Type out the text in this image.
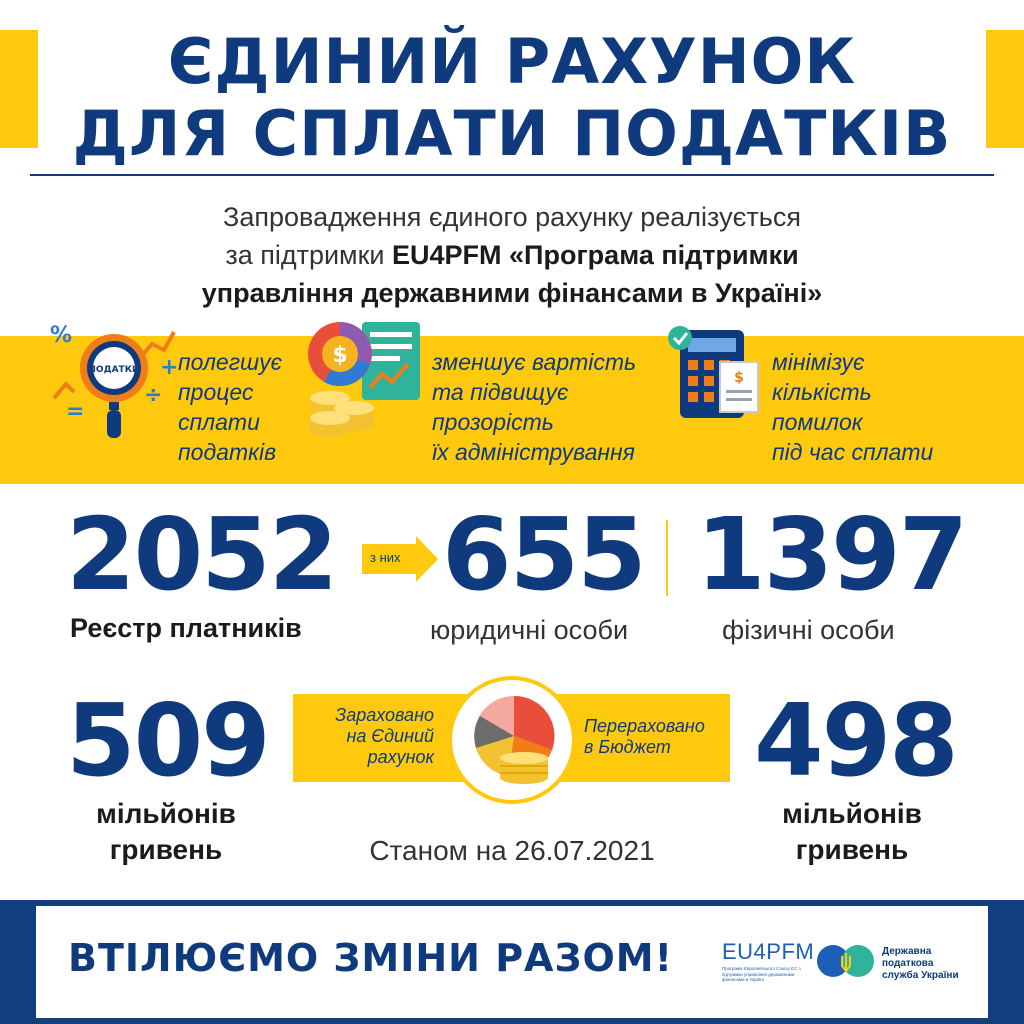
ЄДИНИЙ РАХУНОК
ДЛЯ СПЛАТИ ПОДАТКІВ
Запровадження єдиного рахунку реалізується
за підтримки EU4PFM «Програма підтримки
управління державними фінансами в Україні»
%
+
=
÷
ПОДАТКИ полегшує
процес
сплати
податків
$	зменшує вартість
та підвищує
прозорість
їх адміністрування
$
мінімізує
кількість
помилок
під час сплати
2052
Реєстр платників
з них 655
юридичні особи
1397
фізичні особи
Зараховано
на Єдиний
рахунок
Перераховано
в Бюджет
509
мільйонів
гривень
498
мільйонів
гривень
Станом на 26.07.2021
ВТІЛЮЄМО ЗМІНИ РАЗОМ! EU4PFM
Програма Європейського Союзу ЄС з підтримки управління державними фінансами в Україні
Державна
податкова
служба України
